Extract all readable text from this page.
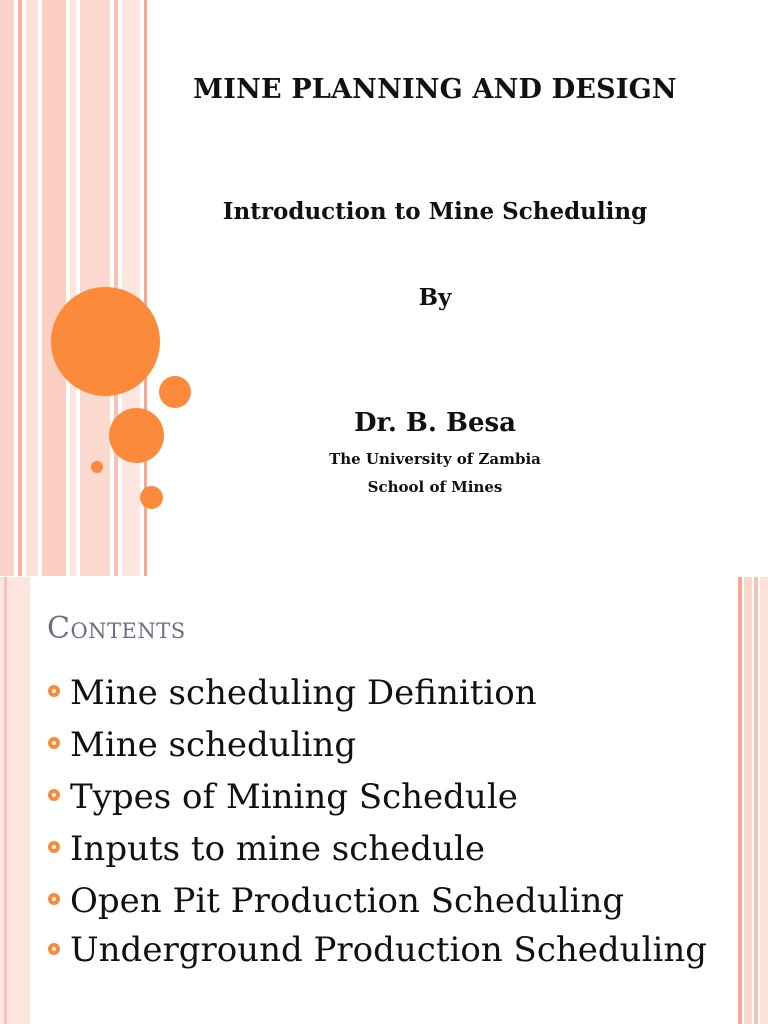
MINE PLANNING AND DESIGN
Introduction to Mine Scheduling
By
Dr. B. Besa
The University of Zambia
School of Mines
Contents
Mine scheduling Definition
Mine scheduling
Types of Mining Schedule
Inputs to mine schedule
Open Pit Production Scheduling
Underground Production Scheduling
